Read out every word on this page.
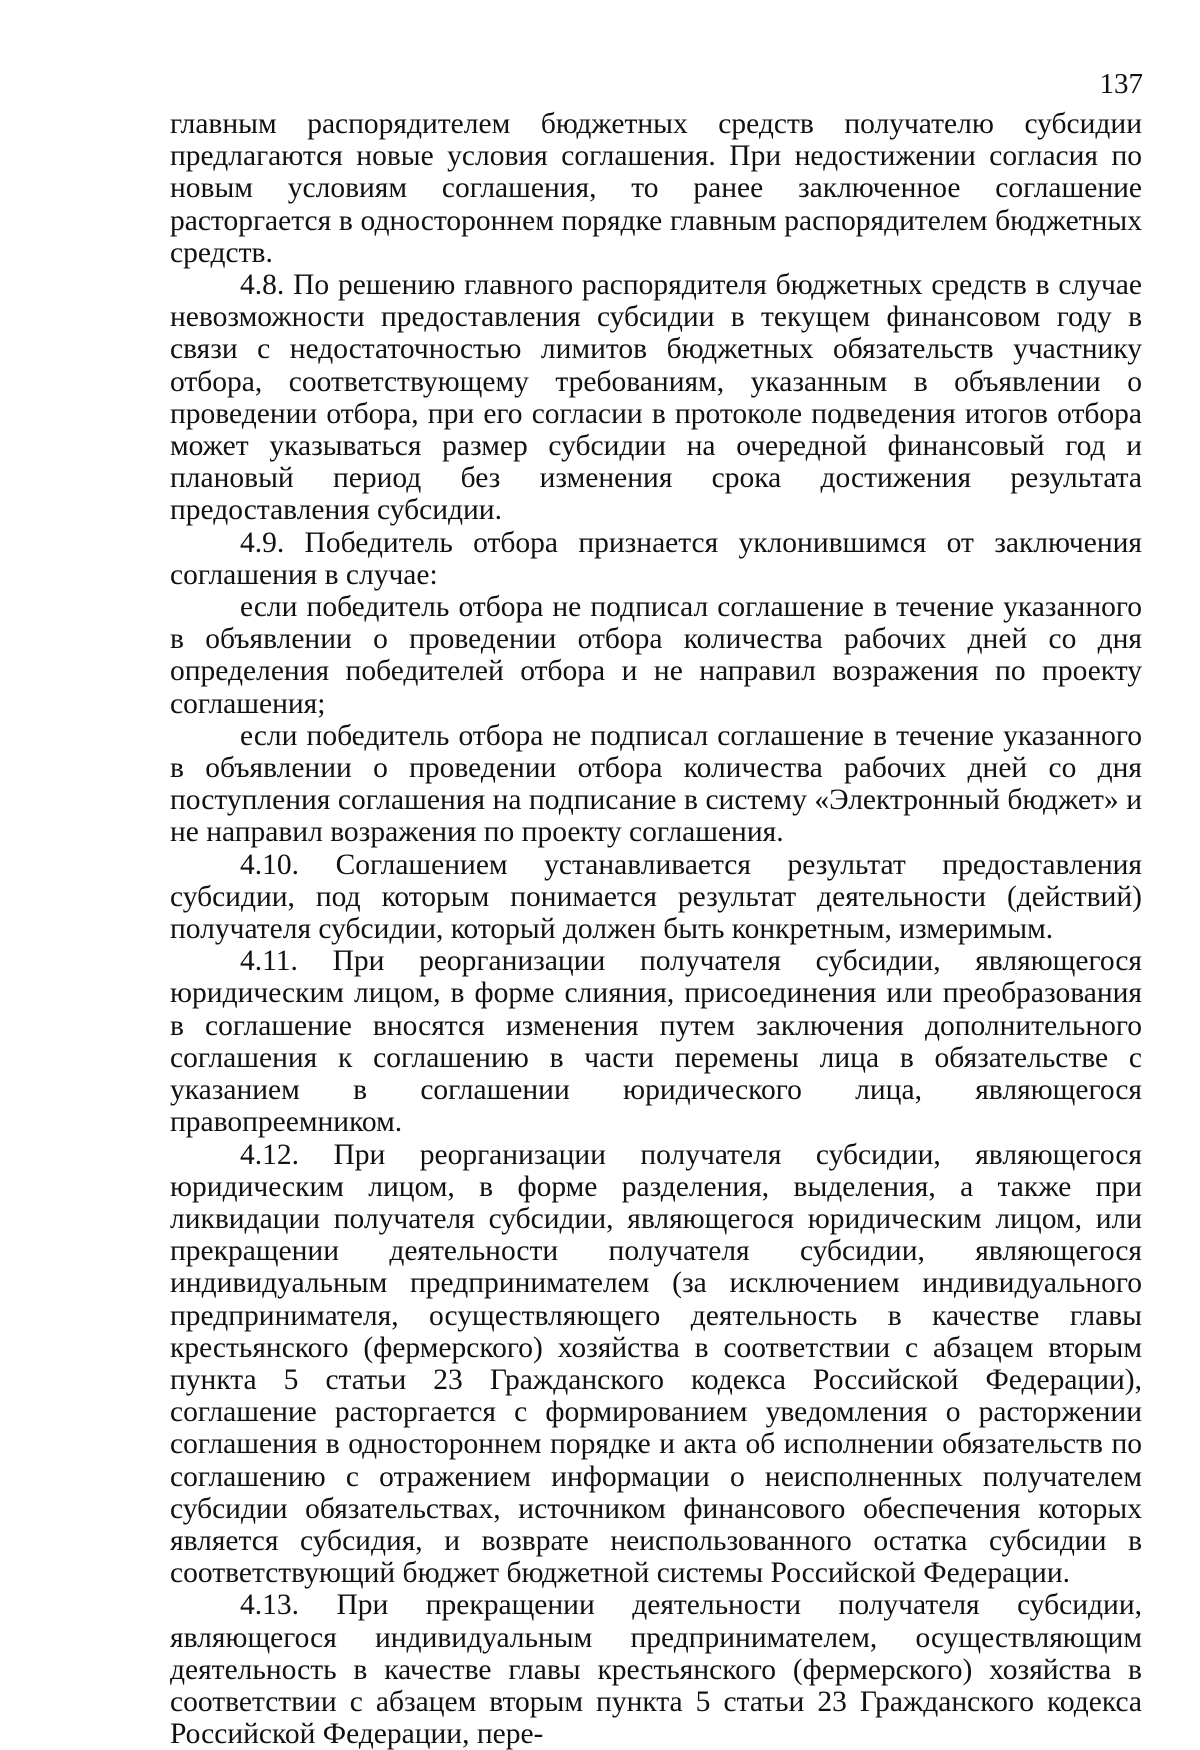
137

главным распорядителем бюджетных средств получателю субсидии предлагаются новые условия соглашения. При недостижении согласия по новым условиям соглашения, то ранее заключенное соглашение расторгается в одностороннем порядке главным распорядителем бюджетных средств.

4.8. По решению главного распорядителя бюджетных средств в случае невозможности предоставления субсидии в текущем финансовом году в связи с недостаточностью лимитов бюджетных обязательств участнику отбора, соответствующему требованиям, указанным в объявлении о проведении отбора, при его согласии в протоколе подведения итогов отбора может указываться размер субсидии на очередной финансовый год и плановый период без изменения срока достижения результата предоставления субсидии.

4.9. Победитель отбора признается уклонившимся от заключения соглашения в случае:

если победитель отбора не подписал соглашение в течение указанного в объявлении о проведении отбора количества рабочих дней со дня определения победителей отбора и не направил возражения по проекту соглашения;

если победитель отбора не подписал соглашение в течение указанного в объявлении о проведении отбора количества рабочих дней со дня поступления соглашения на подписание в систему «Электронный бюджет» и не направил возражения по проекту соглашения.

4.10. Соглашением устанавливается результат предоставления субсидии, под которым понимается результат деятельности (действий) получателя субсидии, который должен быть конкретным, измеримым.

4.11. При реорганизации получателя субсидии, являющегося юридическим лицом, в форме слияния, присоединения или преобразования в соглашение вносятся изменения путем заключения дополнительного соглашения к соглашению в части перемены лица в обязательстве с указанием в соглашении юридического лица, являющегося правопреемником.

4.12. При реорганизации получателя субсидии, являющегося юридическим лицом, в форме разделения, выделения, а также при ликвидации получателя субсидии, являющегося юридическим лицом, или прекращении деятельности получателя субсидии, являющегося индивидуальным предпринимателем (за исключением индивидуального предпринимателя, осуществляющего деятельность в качестве главы крестьянского (фермерского) хозяйства в соответствии с абзацем вторым пункта 5 статьи 23 Гражданского кодекса Российской Федерации), соглашение расторгается с формированием уведомления о расторжении соглашения в одностороннем порядке и акта об исполнении обязательств по соглашению с отражением информации о неисполненных получателем субсидии обязательствах, источником финансового обеспечения которых является субсидия, и возврате неиспользованного остатка субсидии в соответствующий бюджет бюджетной системы Российской Федерации.

4.13. При прекращении деятельности получателя субсидии, являющегося индивидуальным предпринимателем, осуществляющим деятельность в качестве главы крестьянского (фермерского) хозяйства в соответствии с абзацем вторым пункта 5 статьи 23 Гражданского кодекса Российской Федерации, пере-
